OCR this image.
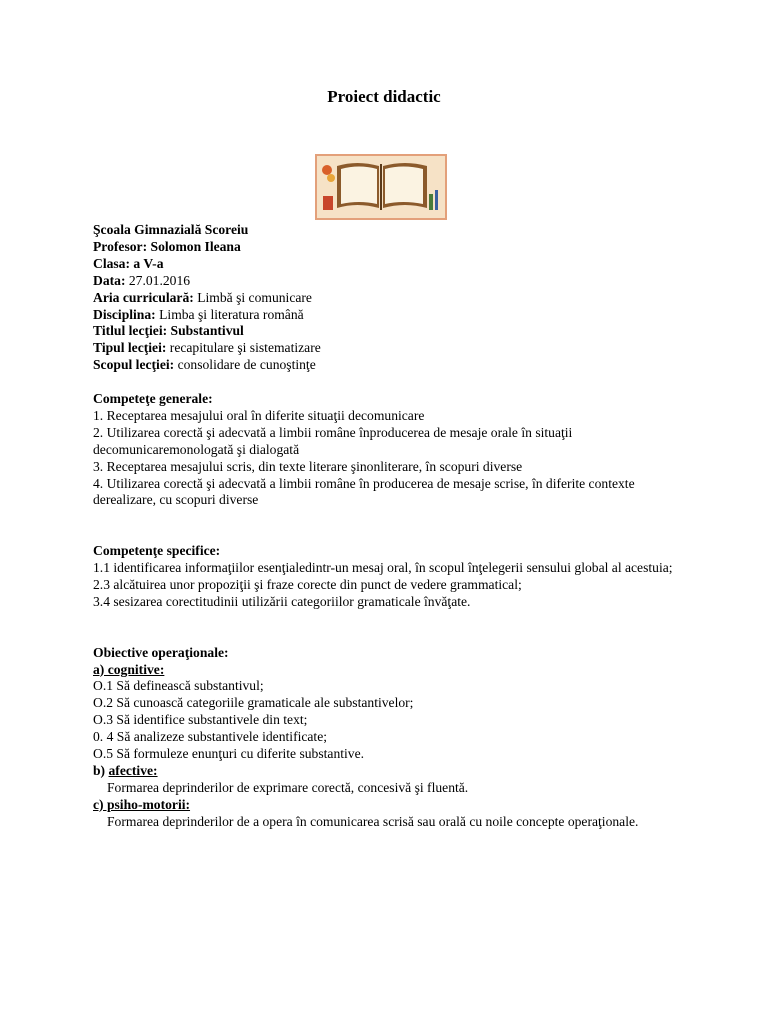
Proiect didactic
Şcoala Gimnazială Scoreiu
Profesor: Solomon Ileana
Clasa: a V-a
Data: 27.01.2016
Aria curriculară: Limbă şi comunicare
Disciplina: Limba şi literatura română
Titlul lecţiei: Substantivul
Tipul lecţiei: recapitulare şi sistematizare
Scopul lecţiei: consolidare de cunoştinţe
Competeţe generale:
1. Receptarea mesajului oral în diferite situaţii decomunicare
2. Utilizarea corectă şi adecvată a limbii române înproducerea de mesaje orale în situaţii decomunicaremonologată şi dialogată
3. Receptarea mesajului scris, din texte literare şinonliterare, în scopuri diverse
4. Utilizarea corectă şi adecvată a limbii române în producerea de mesaje scrise, în diferite contexte derealizare, cu scopuri diverse
Competenţe specifice:
1.1 identificarea informaţiilor esenţialedintr-un mesaj oral, în scopul înţelegerii sensului global al acestuia;
2.3 alcătuirea unor propoziţii şi fraze corecte din punct de vedere grammatical;
3.4 sesizarea corectitudinii utilizării categoriilor gramaticale învăţate.
Obiective operaţionale:
a) cognitive:
O.1 Să definească substantivul;
O.2 Să cunoască categoriile gramaticale ale substantivelor;
O.3 Să identifice substantivele din text;
0. 4 Să analizeze substantivele identificate;
O.5 Să formuleze enunţuri cu diferite substantive.
b) afective:
Formarea deprinderilor de exprimare corectă, concesivă şi fluentă.
c) psiho-motorii:
Formarea deprinderilor de a opera în comunicarea scrisă sau orală cu noile concepte operaţionale.
